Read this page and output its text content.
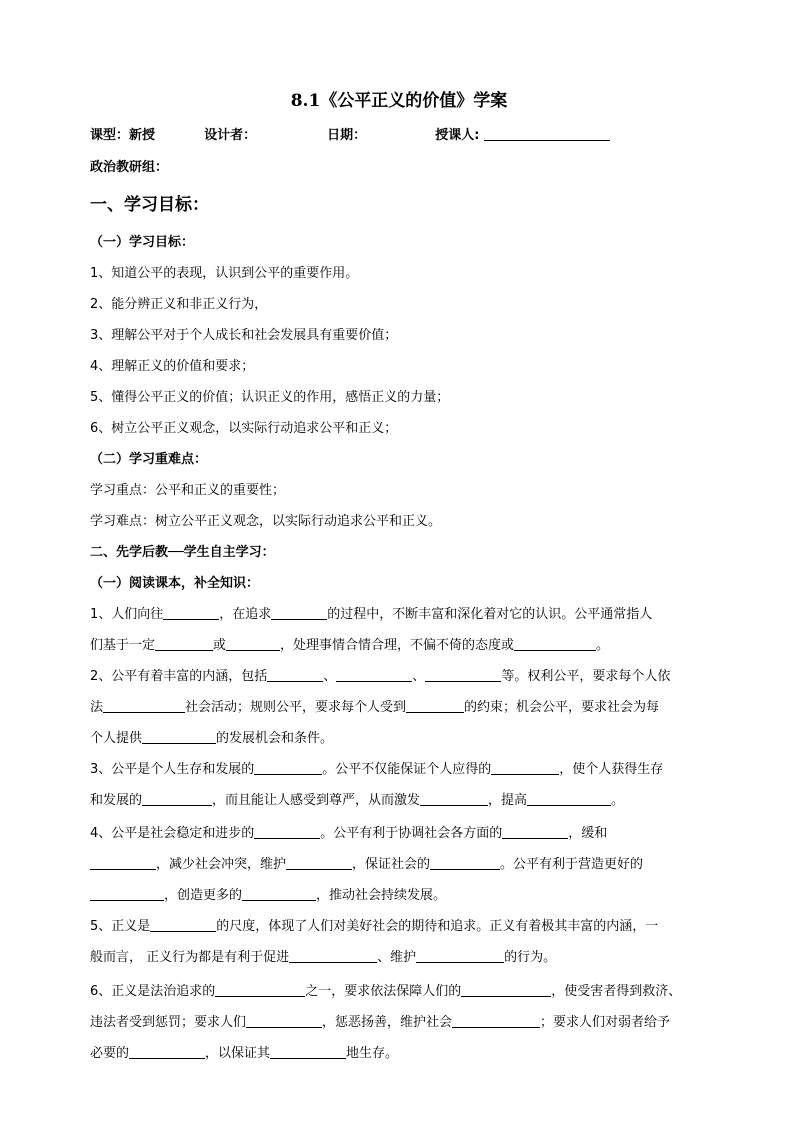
8.1《公平正义的价值》学案
课型：新授	设计者：	日期：	授课人:
政治教研组：
一、学习目标：
（一）学习目标：
1、知道公平的表现，认识到公平的重要作用。
2、能分辨正义和非正义行为，
3、理解公平对于个人成长和社会发展具有重要价值；
4、理解正义的价值和要求；
5、懂得公平正义的价值；认识正义的作用，感悟正义的力量；
6、树立公平正义观念，以实际行动追求公平和正义；
（二）学习重难点：
学习重点：公平和正义的重要性；
学习难点：树立公平正义观念，以实际行动追求公平和正义。
二、先学后教──学生自主学习：
（一）阅读课本，补全知识：
1、人们向往	，在追求	的过程中，不断丰富和深化着对它的认识。公平通常指人
们基于一定	或	，处理事情合情合理，不偏不倚的态度或	。
2、公平有着丰富的内涵，包括	、	、	等。权利公平，要求每个人依
法	社会活动；规则公平，要求每个人受到	的约束；机会公平，要求社会为每
个人提供	的发展机会和条件。
3、公平是个人生存和发展的	。公平不仅能保证个人应得的	，使个人获得生存
和发展的	，而且能让人感受到尊严，从而激发	，提高	。
4、公平是社会稳定和进步的	。公平有利于协调社会各方面的	，缓和
，减少社会冲突，维护	，保证社会的	。公平有利于营造更好的
，创造更多的	，推动社会持续发展。
5、正义是	的尺度，体现了人们对美好社会的期待和追求。正义有着极其丰富的内涵，一
般而言， 正义行为都是有利于促进	、维护	的行为。
6、正义是法治追求的	之一，要求依法保障人们的	，使受害者得到救济、
违法者受到惩罚；要求人们	，惩恶扬善，维护社会	；要求人们对弱者给予
必要的	，以保证其	地生存。
